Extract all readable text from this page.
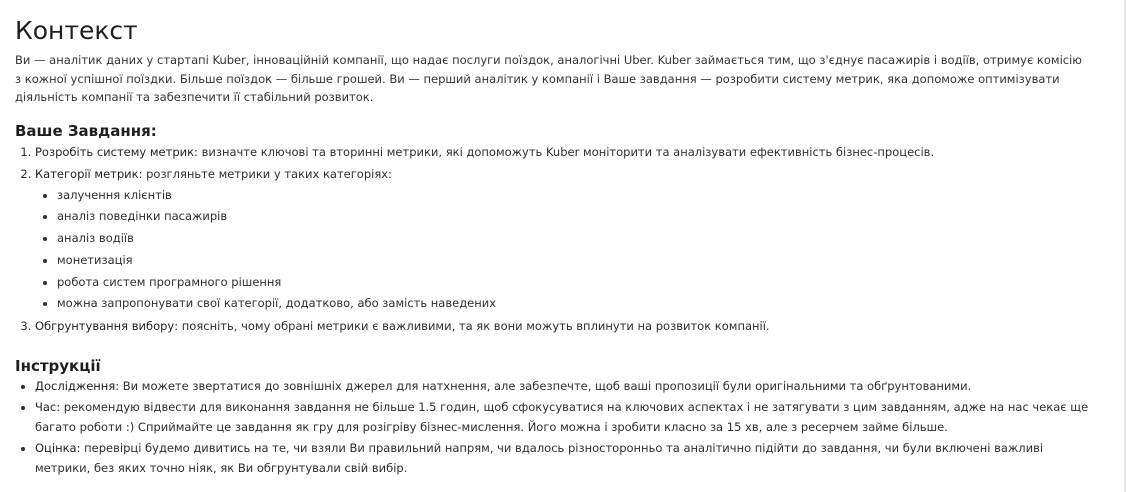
Контекст

Ви — аналітик даних у стартапі Kuber, інноваційній компанії, що надає послуги поїздок, аналогічні Uber. Kuber займається тим, що з'єднує пасажирів і водіїв, отримує комісію з кожної успішної поїздки. Більше поїздок — більше грошей. Ви — перший аналітик у компанії і Ваше завдання — розробити систему метрик, яка допоможе оптимізувати діяльність компанії та забезпечити її стабільний розвиток.

Ваше Завдання:
1. Розробіть систему метрик: визначте ключові та вторинні метрики, які допоможуть Kuber моніторити та аналізувати ефективність бізнес-процесів.
2. Категорії метрик: розгляньте метрики у таких категоріях:
• залучення клієнтів
• аналіз поведінки пасажирів
• аналіз водіїв
• монетизація
• робота систем програмного рішення
• можна запропонувати свої категорії, додатково, або замість наведених
3. Обгрунтування вибору: поясніть, чому обрані метрики є важливими, та як вони можуть вплинути на розвиток компанії.
Інструкції
• Дослідження: Ви можете звертатися до зовнішніх джерел для натхнення, але забезпечте, щоб ваші пропозиції були оригінальними та обґрунтованими.
• Час: рекомендую відвести для виконання завдання не більше 1.5 годин, щоб сфокусуватися на ключових аспектах і не затягувати з цим завданням, адже на нас чекає ще багато роботи :) Сприймайте це завдання як гру для розігріву бізнес-мислення. Його можна і зробити класно за 15 хв, але з ресерчем займе більше.
• Оцінка: перевірці будемо дивитись на те, чи взяли Ви правильний напрям, чи вдалось різносторонньо та аналітично підійти до завдання, чи були включені важливі метрики, без яких точно ніяк, як Ви обгрунтували свій вибір.
